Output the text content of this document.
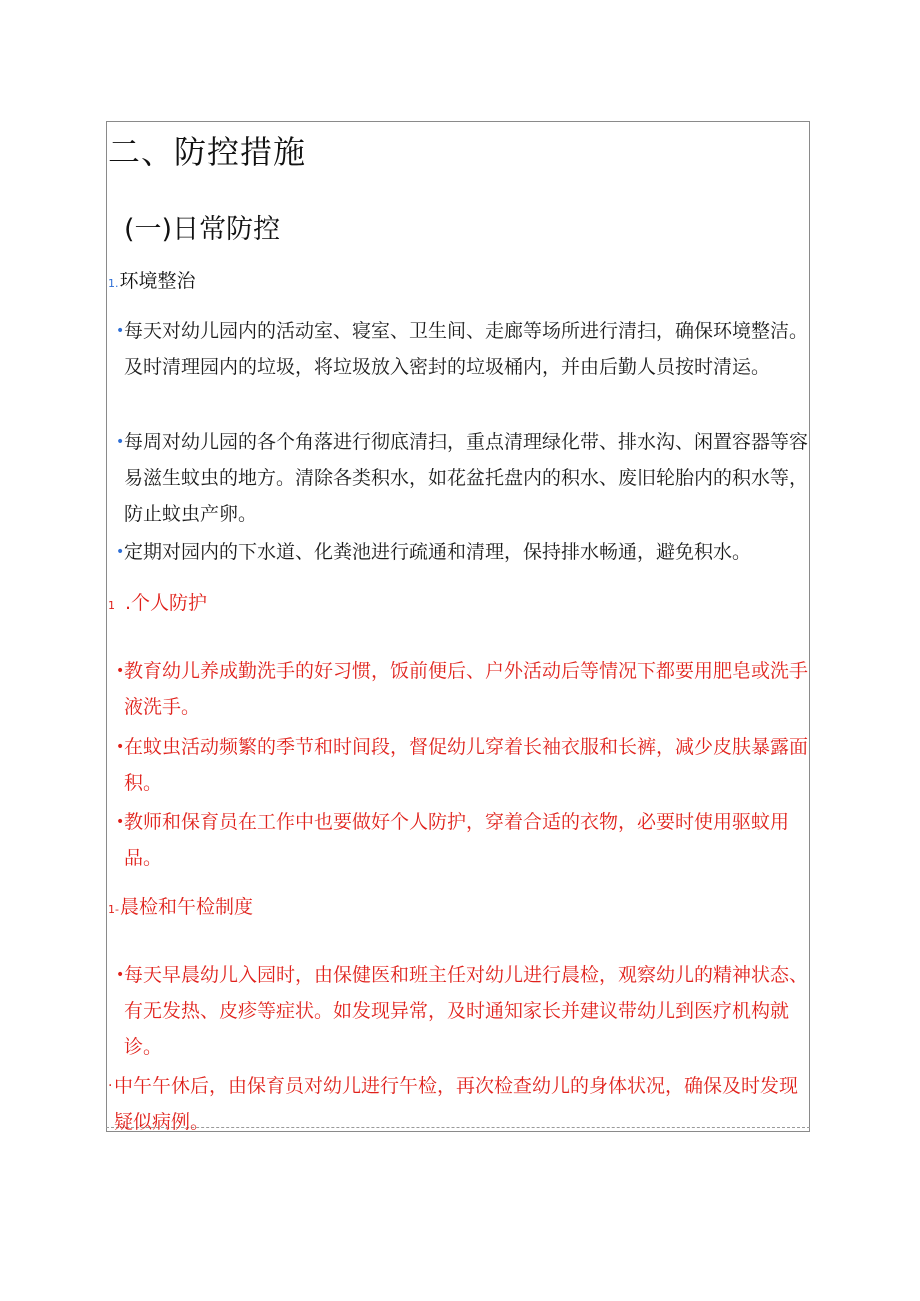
二、防控措施
(一)日常防控
1.环境整治
• 每天对幼儿园内的活动室、寝室、卫生间、走廊等场所进行清扫，确保环境整洁。及时清理园内的垃圾，将垃圾放入密封的垃圾桶内，并由后勤人员按时清运。
• 每周对幼儿园的各个角落进行彻底清扫，重点清理绿化带、排水沟、闲置容器等容易滋生蚊虫的地方。清除各类积水，如花盆托盘内的积水、废旧轮胎内的积水等，防止蚊虫产卵。
• 定期对园内的下水道、化粪池进行疏通和清理，保持排水畅通，避免积水。
1 .个人防护
• 教育幼儿养成勤洗手的好习惯，饭前便后、户外活动后等情况下都要用肥皂或洗手液洗手。
• 在蚊虫活动频繁的季节和时间段，督促幼儿穿着长袖衣服和长裤，减少皮肤暴露面积。
• 教师和保育员在工作中也要做好个人防护，穿着合适的衣物，必要时使用驱蚊用品。
1-晨检和午检制度
• 每天早晨幼儿入园时，由保健医和班主任对幼儿进行晨检，观察幼儿的精神状态、有无发热、皮疹等症状。如发现异常，及时通知家长并建议带幼儿到医疗机构就诊。
· 中午午休后，由保育员对幼儿进行午检，再次检查幼儿的身体状况，确保及时发现疑似病例。
